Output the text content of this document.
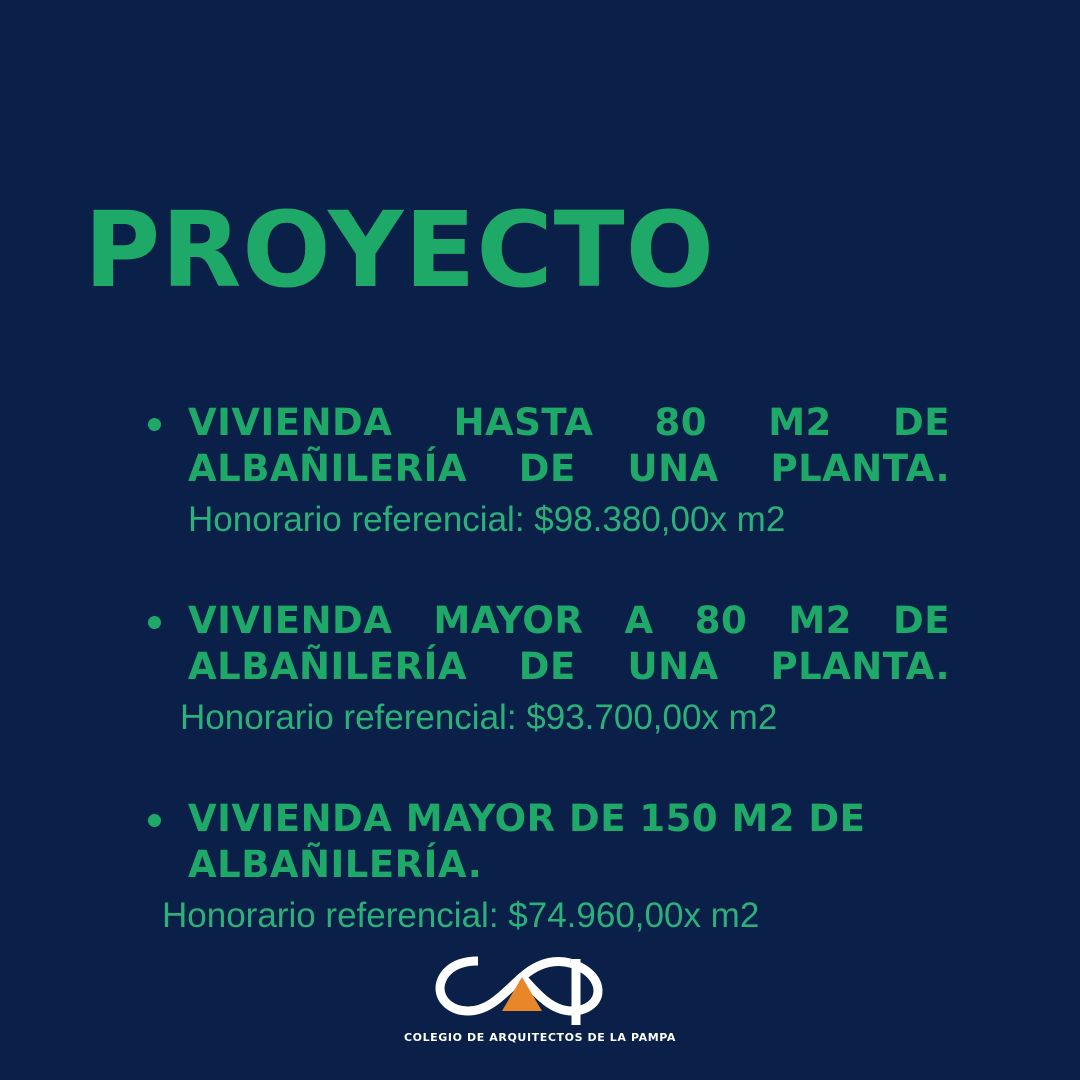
PROYECTO
VIVIENDA HASTA 80 M2 DE ALBAÑILERÍA DE UNA PLANTA.
Honorario referencial: $98.380,00x m2
VIVIENDA MAYOR A 80 M2 DE ALBAÑILERÍA DE UNA PLANTA.
Honorario referencial: $93.700,00x m2
VIVIENDA MAYOR DE 150 M2 DE ALBAÑILERÍA.
Honorario referencial: $74.960,00x m2
COLEGIO DE ARQUITECTOS DE LA PAMPA
